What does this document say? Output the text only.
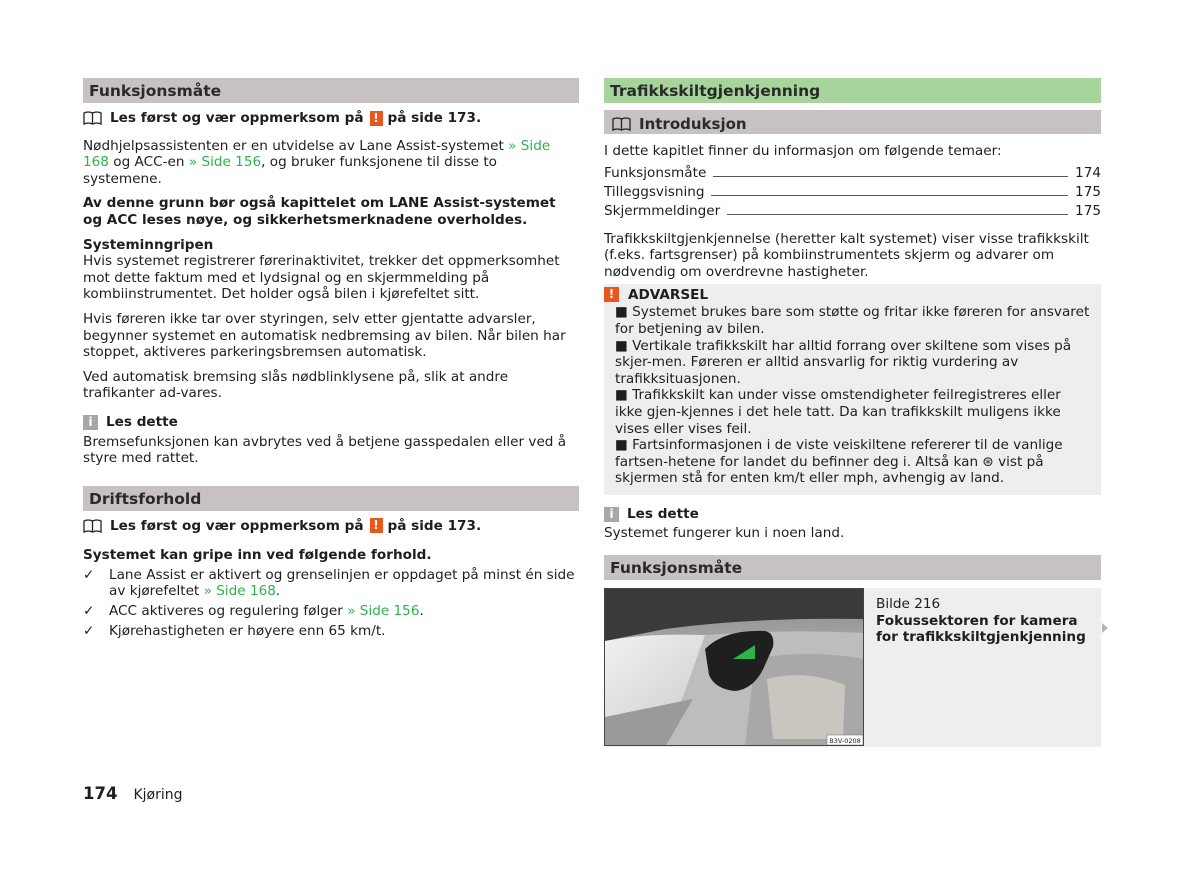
Funksjonsmåte
Les først og vær oppmerksom på ! på side 173.

Nødhjelpsassistenten er en utvidelse av Lane Assist-systemet » Side 168 og ACC-en » Side 156, og bruker funksjonene til disse to systemene.

Av denne grunn bør også kapittelet om LANE Assist-systemet og ACC leses nøye, og sikkerhetsmerknadene overholdes.

Systeminngripen

Hvis systemet registrerer førerinaktivitet, trekker det oppmerksomhet mot dette faktum med et lydsignal og en skjermmelding på kombiinstrumentet. Det holder også bilen i kjørefeltet sitt.

Hvis føreren ikke tar over styringen, selv etter gjentatte advarsler, begynner systemet en automatisk nedbremsing av bilen. Når bilen har stoppet, aktiveres parkeringsbremsen automatisk.

Ved automatisk bremsing slås nødblinklysene på, slik at andre trafikanter ad-vares.

i Les dette

Bremsefunksjonen kan avbrytes ved å betjene gasspedalen eller ved å styre med rattet.

Driftsforhold
Les først og vær oppmerksom på ! på side 173.

Systemet kan gripe inn ved følgende forhold.

✓	Lane Assist er aktivert og grenselinjen er oppdaget på minst én side av kjørefeltet » Side 168.
✓	ACC aktiveres og regulering følger » Side 156.
✓	Kjørehastigheten er høyere enn 65 km/t.
Trafikkskiltgjenkjenning
Introduksjon

I dette kapitlet finner du informasjon om følgende temaer:

Funksjonsmåte	174
Tilleggsvisning	175
Skjermmeldinger	175

Trafikkskiltgjenkjennelse (heretter kalt systemet) viser visse trafikkskilt (f.eks. fartsgrenser) på kombiinstrumentets skjerm og advarer om nødvendig om overdrevne hastigheter.

!	ADVARSEL

■ Systemet brukes bare som støtte og fritar ikke føreren for ansvaret for betjening av bilen.

■ Vertikale trafikkskilt har alltid forrang over skiltene som vises på skjer-men. Føreren er alltid ansvarlig for riktig vurdering av trafikksituasjonen.

■ Trafikkskilt kan under visse omstendigheter feilregistreres eller ikke gjen-kjennes i det hele tatt. Da kan trafikkskilt muligens ikke vises eller vises feil.

■ Fartsinformasjonen i de viste veiskiltene refererer til de vanlige fartsen-hetene for landet du befinner deg i. Altså kan ⊛ vist på skjermen stå for enten km/t eller mph, avhengig av land.

i Les dette

Systemet fungerer kun i noen land.

Funksjonsmåte
B3V-0208

Bilde 216

Fokussektoren for kamera for trafikkskiltgjenkjenning

174 Kjøring
